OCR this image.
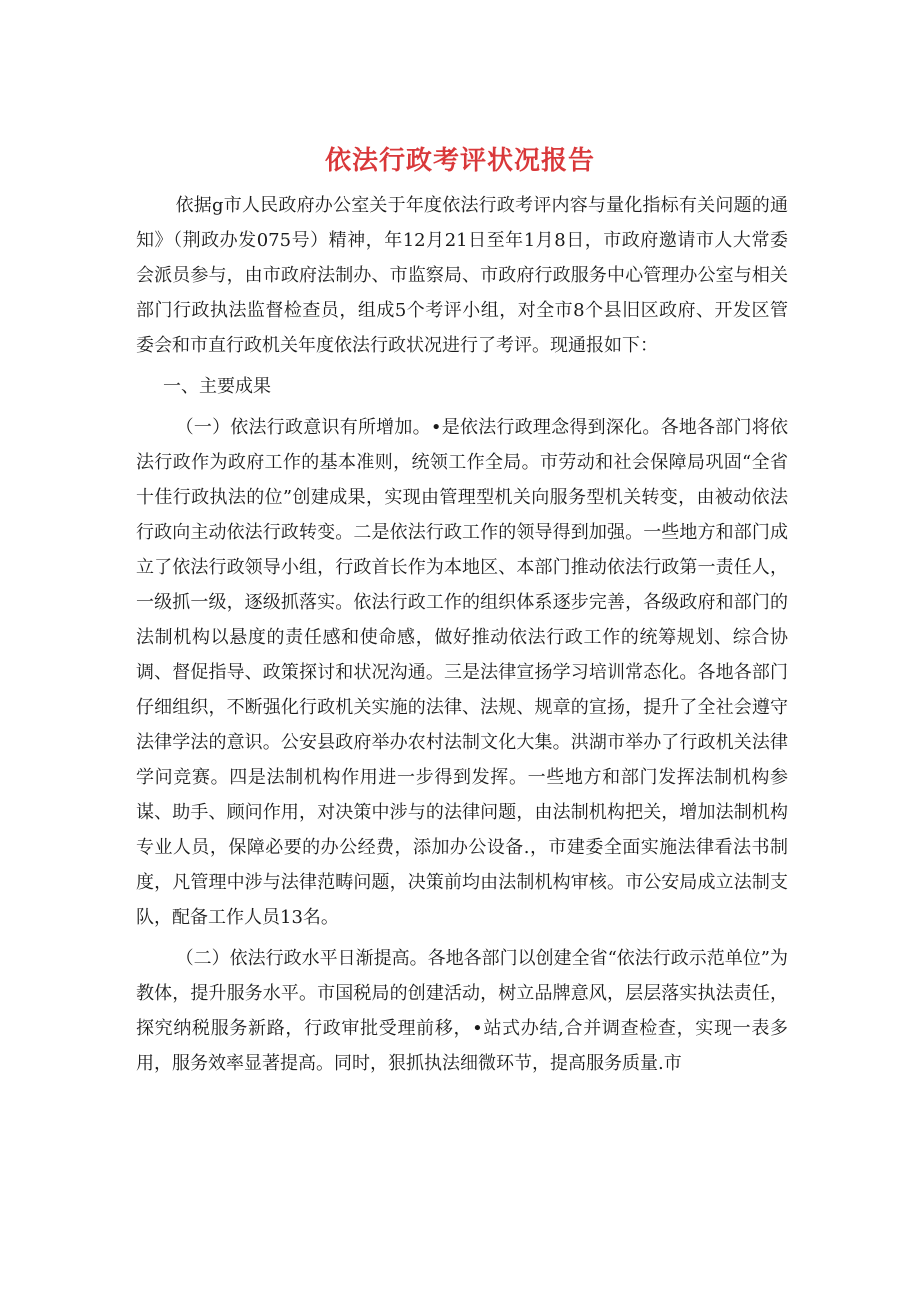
依法行政考评状况报告

依据g市人民政府办公室关于年度依法行政考评内容与量化指标有关问题的通知》（荆政办发075号）精神，年12月21日至年1月8日，市政府邀请市人大常委会派员参与，由市政府法制办、市监察局、市政府行政服务中心管理办公室与相关部门行政执法监督检查员，组成5个考评小组，对全市8个县旧区政府、开发区管委会和市直行政机关年度依法行政状况进行了考评。现通报如下：

一、主要成果

（一）依法行政意识有所增加。•是依法行政理念得到深化。各地各部门将依法行政作为政府工作的基本准则，统领工作全局。市劳动和社会保障局巩固“全省十佳行政执法的位”创建成果，实现由管理型机关向服务型机关转变，由被动依法行政向主动依法行政转变。二是依法行政工作的领导得到加强。一些地方和部门成立了依法行政领导小组，行政首长作为本地区、本部门推动依法行政第一责任人，一级抓一级，逐级抓落实。依法行政工作的组织体系逐步完善，各级政府和部门的法制机构以悬度的责任感和使命感，做好推动依法行政工作的统筹规划、综合协调、督促指导、政策探讨和状况沟通。三是法律宣扬学习培训常态化。各地各部门仔细组织，不断强化行政机关实施的法律、法规、规章的宣扬，提升了全社会遵守法律学法的意识。公安县政府举办农村法制文化大集。洪湖市举办了行政机关法律学问竞赛。四是法制机构作用进一步得到发挥。一些地方和部门发挥法制机构参谋、助手、顾问作用，对决策中涉与的法律问题，由法制机构把关，增加法制机构专业人员，保障必要的办公经费，添加办公设备.，市建委全面实施法律看法书制度，凡管理中涉与法律范畴问题，决策前均由法制机构审核。市公安局成立法制支队，配备工作人员13名。

（二）依法行政水平日渐提高。各地各部门以创建全省“依法行政示范单位”为教体，提升服务水平。市国税局的创建活动，树立品牌意风，层层落实执法责任，探究纳税服务新路，行政审批受理前移，•站式办结,合并调查检查，实现一表多用，服务效率显著提高。同时，狠抓执法细微环节，提高服务质量.市
